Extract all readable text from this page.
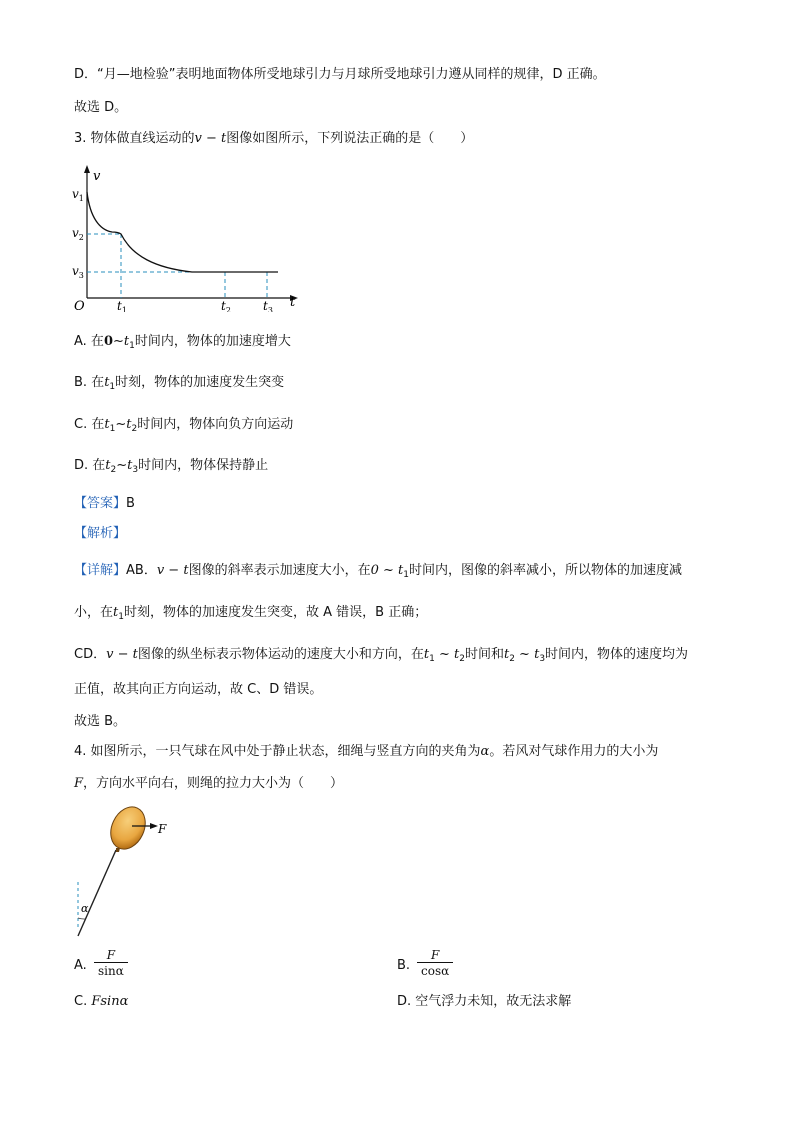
D．“月—地检验”表明地面物体所受地球引力与月球所受地球引力遵从同样的规律，D 正确。
故选 D。
3. 物体做直线运动的v − t图像如图所示，下列说法正确的是（　　）
v
t
O
$v_1$
$v_2$
$v_3$
$t_1$	$t_2$	$t_3$
A. 在$0\sim t_1$时间内，物体的加速度增大
B. 在$t_1$时刻，物体的加速度发生突变
C. 在$t_1\sim t_2$时间内，物体向负方向运动
D. 在$t_2\sim t_3$时间内，物体保持静止
【答案】B
【解析】
【详解】AB．v − t图像的斜率表示加速度大小，在0 ~ $t_1$时间内，图像的斜率减小，所以物体的加速度减
小，在$t_1$时刻，物体的加速度发生突变，故 A 错误，B 正确；
CD．v − t图像的纵坐标表示物体运动的速度大小和方向，在$t_1$ ~ $t_2$时间和$t_2$ ~ $t_3$时间内，物体的速度均为
正值，故其向正方向运动，故 C、D 错误。
故选 B。
4. 如图所示，一只气球在风中处于静止状态，细绳与竖直方向的夹角为α。若风对气球作用力的大小为
F，方向水平向右，则绳的拉力大小为（　　）
α
F
A. $\frac{F}{\sin\alpha}$	B. $\frac{F}{\cos\alpha}$
C. Fsinα	D. 空气浮力未知，故无法求解
